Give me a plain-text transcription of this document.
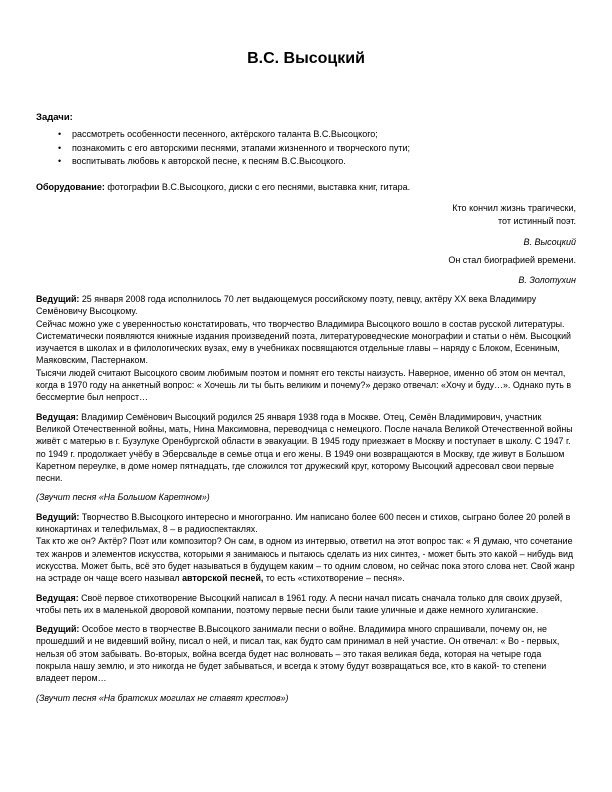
В.С. Высоцкий

Задачи:

• рассмотреть особенности песенного, актёрского таланта В.С.Высоцкого;
• познакомить с его авторскими песнями, этапами жизненного и творческого пути;
• воспитывать любовь к авторской песне, к песням В.С.Высоцкого.

Оборудование: фотографии В.С.Высоцкого, диски с его песнями, выставка книг, гитара.

Кто кончил жизнь трагически,

тот истинный поэт.

В. Высоцкий

Он стал биографией времени.

В. Золотухин

Ведущий: 25 января 2008 года исполнилось 70 лет выдающемуся российскому поэту, певцу, актёру XX века Владимиру Семёновичу Высоцкому.
Сейчас можно уже с уверенностью констатировать, что творчество Владимира Высоцкого вошло в состав русской литературы. Систематически появляются книжные издания произведений поэта, литературоведческие монографии и статьи о нём. Высоцкий изучается в школах и в филологических вузах, ему в учебниках посвящаются отдельные главы – наряду с Блоком, Есениным, Маяковским, Пастернаком.
Тысячи людей считают Высоцкого своим любимым поэтом и помнят его тексты наизусть. Наверное, именно об этом он мечтал, когда в 1970 году на анкетный вопрос: « Хочешь ли ты быть великим и почему?» дерзко отвечал: «Хочу и буду…». Однако путь в бессмертие был непрост…

Ведущая: Владимир Семёнович Высоцкий родился 25 января 1938 года в Москве. Отец, Семён Владимирович, участник Великой Отечественной войны, мать, Нина Максимовна, переводчица с немецкого. После начала Великой Отечественной войны живёт с матерью в г. Бузулуке Оренбургской области в эвакуации. В 1945 году приезжает в Москву и поступает в школу. С 1947 г. по 1949 г. продолжает учёбу в Эберсвальде в семье отца и его жены. В 1949 они возвращаются в Москву, где живут в Большом Каретном переулке, в доме номер пятнадцать, где сложился тот дружеский круг, которому Высоцкий адресовал свои первые песни.

(Звучит песня «На Большом Каретном»)

Ведущий: Творчество В.Высоцкого интересно и многогранно. Им написано более 600 песен и стихов, сыграно более 20 ролей в кинокартинах и телефильмах, 8 – в радиоспектаклях.
Так кто же он? Актёр? Поэт или композитор? Он сам, в одном из интервью, ответил на этот вопрос так: « Я думаю, что сочетание тех жанров и элементов искусства, которыми я занимаюсь и пытаюсь сделать из них синтез, - может быть это какой – нибудь вид искусства. Может быть, всё это будет называться в будущем каким – то одним словом, но сейчас пока этого слова нет. Свой жанр на эстраде он чаще всего называл авторской песней, то есть «стихотворение – песня».

Ведущая: Своё первое стихотворение Высоцкий написал в 1961 году. А песни начал писать сначала только для своих друзей, чтобы петь их в маленькой дворовой компании, поэтому первые песни были такие уличные и даже немного хулиганские.

Ведущий: Особое место в творчестве В.Высоцкого занимали песни о войне. Владимира много спрашивали, почему он, не прошедший и не видевший войну, писал о ней, и писал так, как будто сам принимал в ней участие. Он отвечал: « Во - первых, нельзя об этом забывать. Во-вторых, война всегда будет нас волновать – это такая великая беда, которая на четыре года покрыла нашу землю, и это никогда не будет забываться, и всегда к этому будут возвращаться все, кто в какой- то степени владеет пером…

(Звучит песня «На братских могилах не ставят крестов»)
